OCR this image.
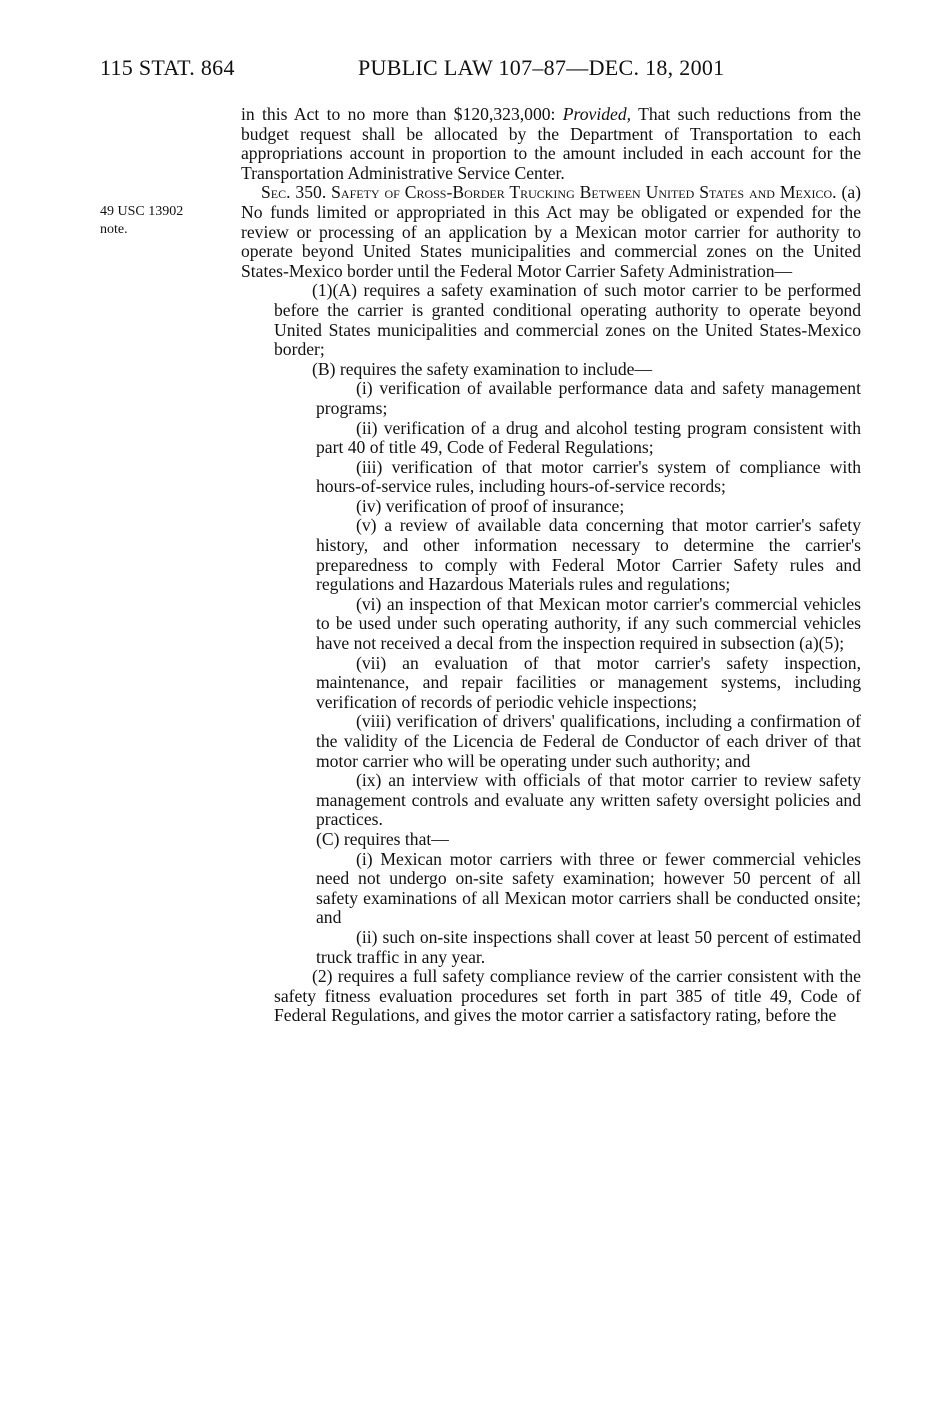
115 STAT. 864	PUBLIC LAW 107–87—DEC. 18, 2001
49 USC 13902
note.

in this Act to no more than $120,323,000: Provided, That such reductions from the budget request shall be allocated by the Department of Transportation to each appropriations account in proportion to the amount included in each account for the Transportation Administrative Service Center.

Sec. 350. Safety of Cross-Border Trucking Between United States and Mexico. (a) No funds limited or appropriated in this Act may be obligated or expended for the review or processing of an application by a Mexican motor carrier for authority to operate beyond United States municipalities and commercial zones on the United States-Mexico border until the Federal Motor Carrier Safety Administration—

(1)(A) requires a safety examination of such motor carrier to be performed before the carrier is granted conditional operating authority to operate beyond United States municipalities and commercial zones on the United States-Mexico border;

(B) requires the safety examination to include—

(i) verification of available performance data and safety management programs;

(ii) verification of a drug and alcohol testing program consistent with part 40 of title 49, Code of Federal Regulations;

(iii) verification of that motor carrier's system of compliance with hours-of-service rules, including hours-of-service records;

(iv) verification of proof of insurance;

(v) a review of available data concerning that motor carrier's safety history, and other information necessary to determine the carrier's preparedness to comply with Federal Motor Carrier Safety rules and regulations and Hazardous Materials rules and regulations;

(vi) an inspection of that Mexican motor carrier's commercial vehicles to be used under such operating authority, if any such commercial vehicles have not received a decal from the inspection required in subsection (a)(5);

(vii) an evaluation of that motor carrier's safety inspection, maintenance, and repair facilities or management systems, including verification of records of periodic vehicle inspections;

(viii) verification of drivers' qualifications, including a confirmation of the validity of the Licencia de Federal de Conductor of each driver of that motor carrier who will be operating under such authority; and

(ix) an interview with officials of that motor carrier to review safety management controls and evaluate any written safety oversight policies and practices.

(C) requires that—

(i) Mexican motor carriers with three or fewer commercial vehicles need not undergo on-site safety examination; however 50 percent of all safety examinations of all Mexican motor carriers shall be conducted onsite; and

(ii) such on-site inspections shall cover at least 50 percent of estimated truck traffic in any year.

(2) requires a full safety compliance review of the carrier consistent with the safety fitness evaluation procedures set forth in part 385 of title 49, Code of Federal Regulations, and gives the motor carrier a satisfactory rating, before the
